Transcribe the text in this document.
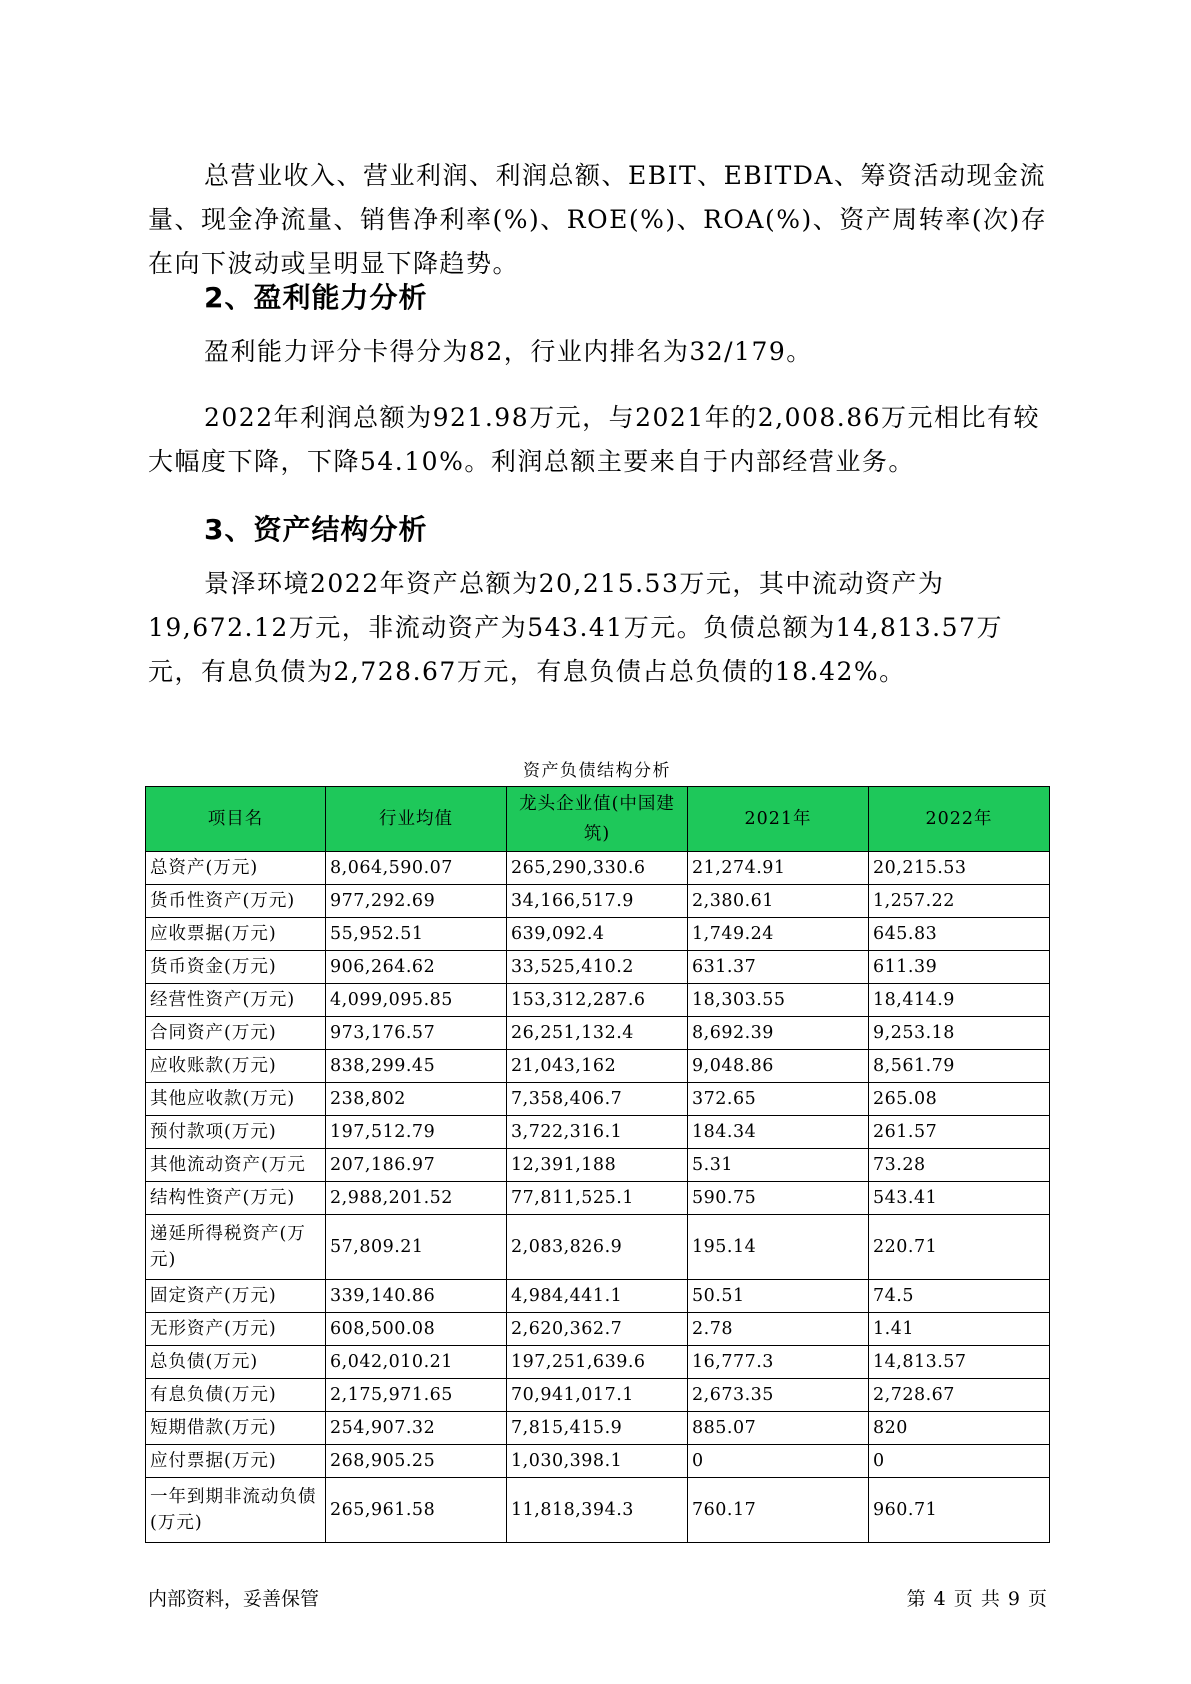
总营业收入、营业利润、利润总额、EBIT、EBITDA、筹资活动现金流量、现金净流量、销售净利率(%)、ROE(%)、ROA(%)、资产周转率(次)存在向下波动或呈明显下降趋势。

2、盈利能力分析

盈利能力评分卡得分为82，行业内排名为32/179。

2022年利润总额为921.98万元，与2021年的2,008.86万元相比有较大幅度下降，下降54.10%。利润总额主要来自于内部经营业务。

3、资产结构分析

景泽环境2022年资产总额为20,215.53万元，其中流动资产为19,672.12万元，非流动资产为543.41万元。负债总额为14,813.57万元，有息负债为2,728.67万元，有息负债占总负债的18.42%。

资产负债结构分析
项目名	行业均值	龙头企业值(中国建筑)	2021年	2022年
总资产(万元)	8,064,590.07	265,290,330.6	21,274.91	20,215.53
货币性资产(万元)	977,292.69	34,166,517.9	2,380.61	1,257.22
应收票据(万元)	55,952.51	639,092.4	1,749.24	645.83
货币资金(万元)	906,264.62	33,525,410.2	631.37	611.39
经营性资产(万元)	4,099,095.85	153,312,287.6	18,303.55	18,414.9
合同资产(万元)	973,176.57	26,251,132.4	8,692.39	9,253.18
应收账款(万元)	838,299.45	21,043,162	9,048.86	8,561.79
其他应收款(万元)	238,802	7,358,406.7	372.65	265.08
预付款项(万元)	197,512.79	3,722,316.1	184.34	261.57
其他流动资产(万元	207,186.97	12,391,188	5.31	73.28
结构性资产(万元)	2,988,201.52	77,811,525.1	590.75	543.41
递延所得税资产(万元)	57,809.21	2,083,826.9	195.14	220.71
固定资产(万元)	339,140.86	4,984,441.1	50.51	74.5
无形资产(万元)	608,500.08	2,620,362.7	2.78	1.41
总负债(万元)	6,042,010.21	197,251,639.6	16,777.3	14,813.57
有息负债(万元)	2,175,971.65	70,941,017.1	2,673.35	2,728.67
短期借款(万元)	254,907.32	7,815,415.9	885.07	820
应付票据(万元)	268,905.25	1,030,398.1	0	0
一年到期非流动负债(万元)	265,961.58	11,818,394.3	760.17	960.71
内部资料，妥善保管	第 4 页 共 9 页
